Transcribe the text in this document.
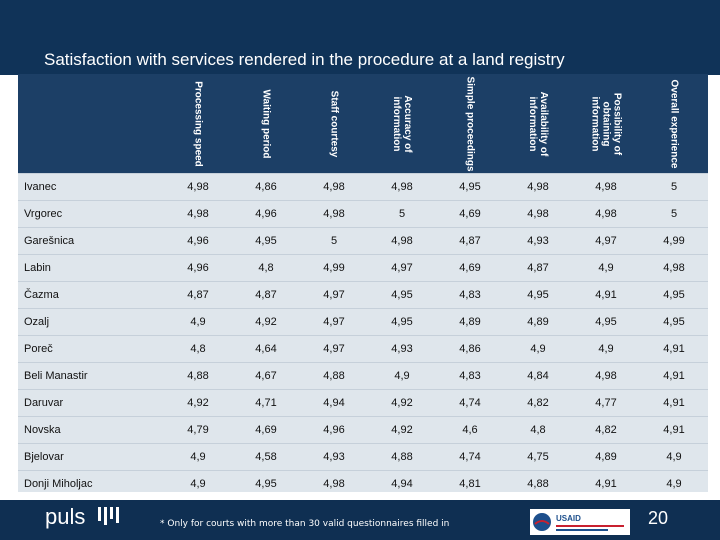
Satisfaction with services rendered in the procedure at a land registry

	Processing speed	Waiting period	Staff courtesy	Accuracy of information	Simple proceedings	Availability of information	Possibility of obtaining information	Overall experience

Ivanec	4,98	4,86	4,98	4,98	4,95	4,98	4,98	5
Vrgorec	4,98	4,96	4,98	5	4,69	4,98	4,98	5
Garešnica	4,96	4,95	5	4,98	4,87	4,93	4,97	4,99
Labin	4,96	4,8	4,99	4,97	4,69	4,87	4,9	4,98
Čazma	4,87	4,87	4,97	4,95	4,83	4,95	4,91	4,95
Ozalj	4,9	4,92	4,97	4,95	4,89	4,89	4,95	4,95
Poreč	4,8	4,64	4,97	4,93	4,86	4,9	4,9	4,91
Beli Manastir	4,88	4,67	4,88	4,9	4,83	4,84	4,98	4,91
Daruvar	4,92	4,71	4,94	4,92	4,74	4,82	4,77	4,91
Novska	4,79	4,69	4,96	4,92	4,6	4,8	4,82	4,91
Bjelovar	4,9	4,58	4,93	4,88	4,74	4,75	4,89	4,9
Donji Miholjac	4,9	4,95	4,98	4,94	4,81	4,88	4,91	4,9
puls	* Only for courts with more than 30 valid questionnaires filled in
USAID	20
